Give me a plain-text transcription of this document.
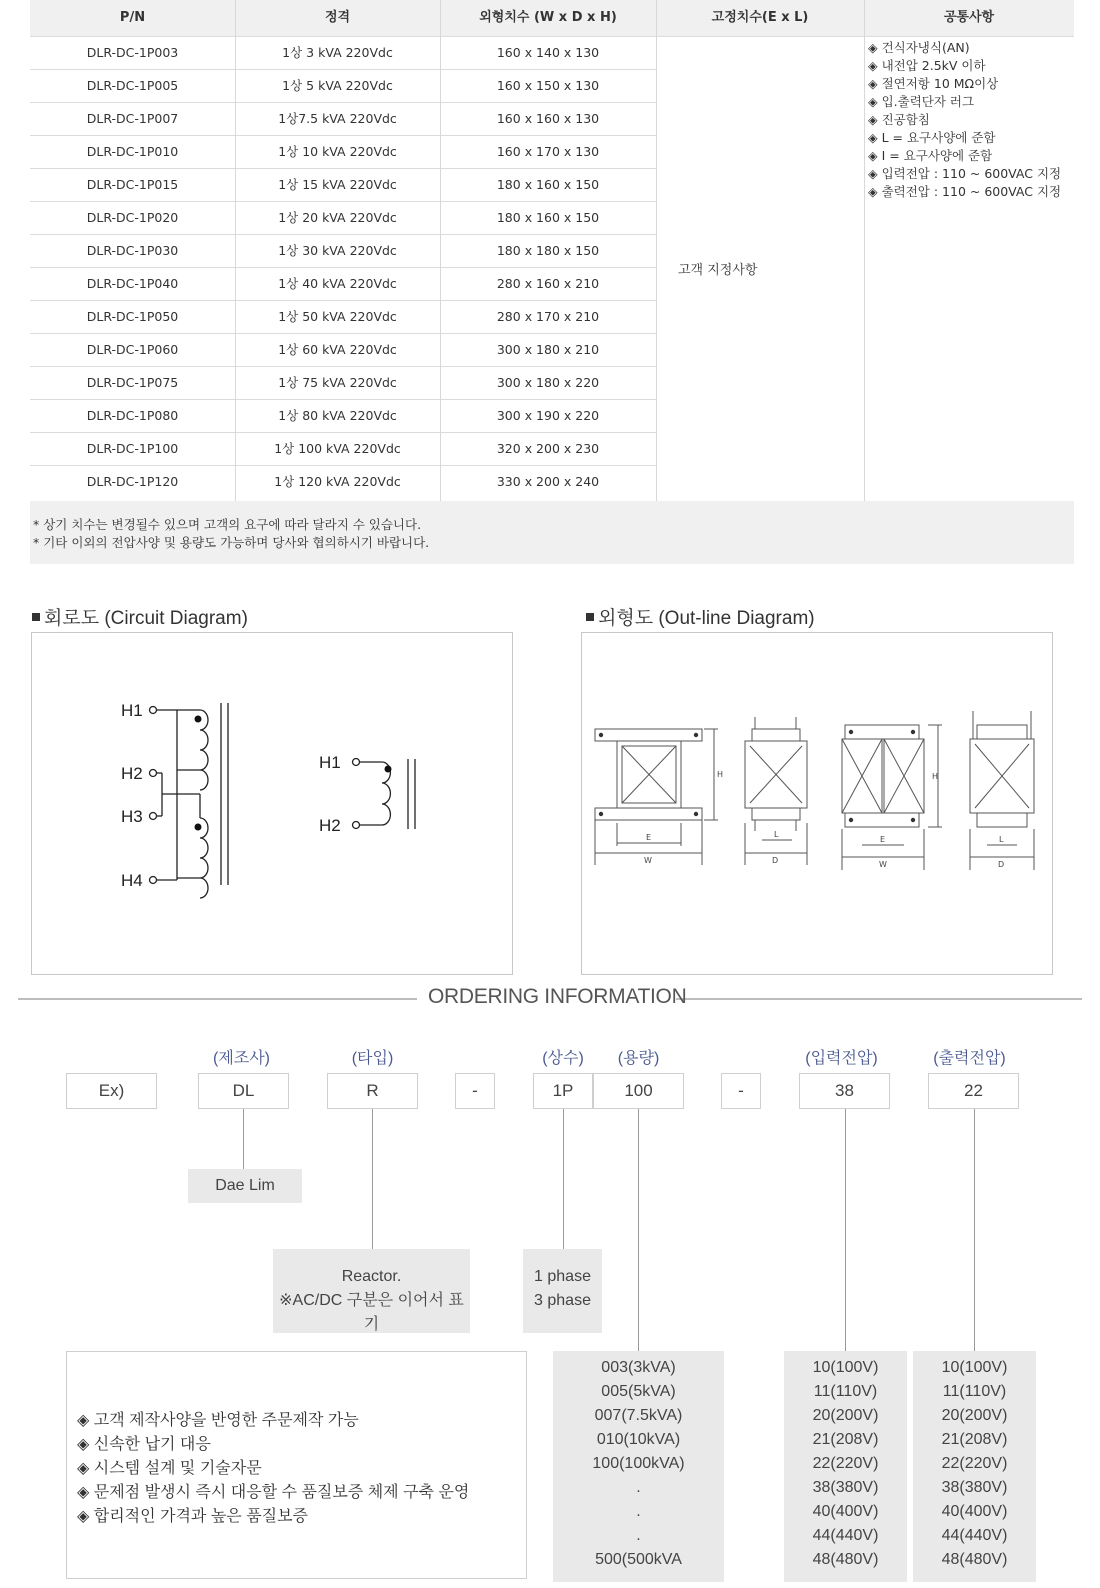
P/N	정격	외형치수 (W x D x H)	고정치수(E x L)	공통사항
DLR-DC-1P003	1상 3 kVA 220Vdc	160 x 140 x 130
DLR-DC-1P005	1상 5 kVA 220Vdc	160 x 150 x 130
DLR-DC-1P007	1상7.5 kVA 220Vdc	160 x 160 x 130
DLR-DC-1P010	1상 10 kVA 220Vdc	160 x 170 x 130
DLR-DC-1P015	1상 15 kVA 220Vdc	180 x 160 x 150
DLR-DC-1P020	1상 20 kVA 220Vdc	180 x 160 x 150
DLR-DC-1P030	1상 30 kVA 220Vdc	180 x 180 x 150
DLR-DC-1P040	1상 40 kVA 220Vdc	280 x 160 x 210
DLR-DC-1P050	1상 50 kVA 220Vdc	280 x 170 x 210
DLR-DC-1P060	1상 60 kVA 220Vdc	300 x 180 x 210
DLR-DC-1P075	1상 75 kVA 220Vdc	300 x 180 x 220
DLR-DC-1P080	1상 80 kVA 220Vdc	300 x 190 x 220
DLR-DC-1P100	1상 100 kVA 220Vdc	320 x 200 x 230
DLR-DC-1P120	1상 120 kVA 220Vdc	330 x 200 x 240
고객 지정사항
◈ 건식자냉식(AN)
◈ 내전압 2.5kV 이하
◈ 절연저항 10 MΩ이상
◈ 입.출력단자 러그
◈ 진공함침
◈ L = 요구사양에 준함
◈ I = 요구사양에 준함
◈ 입력전압 : 110 ~ 600VAC 지정
◈ 출력전압 : 110 ~ 600VAC 지정
* 상기 치수는 변경될수 있으며 고객의 요구에 따라 달라지 수 있습니다.
* 기타 이외의 전압사양 및 용량도 가능하며 당사와 협의하시기 바랍니다.
회로도 (Circuit Diagram)	외형도 (Out-line Diagram)
H1
H2
H3
H4
H1
H2
E
W
H
L
D
E
W
H
L
D
ORDERING INFORMATION
(제조사)	(타입)	(상수)	(용량)	(입력전압)	(출력전압)
Ex)	DL	R	-	1P	100	-	38	22
Dae Lim
Reactor.
※AC/DC 구분은 이어서 표기
1 phase
3 phase
◈ 고객 제작사양을 반영한 주문제작 가능
◈ 신속한 납기 대응
◈ 시스템 설계 및 기술자문
◈ 문제점 발생시 즉시 대응할 수 품질보증 체제 구축 운영
◈ 합리적인 가격과 높은 품질보증
003(3kVA)
005(5kVA)
007(7.5kVA)
010(10kVA)
100(100kVA)
.
.
.
500(500kVA
10(100V)
11(110V)
20(200V)
21(208V)
22(220V)
38(380V)
40(400V)
44(440V)
48(480V)
10(100V)
11(110V)
20(200V)
21(208V)
22(220V)
38(380V)
40(400V)
44(440V)
48(480V)
